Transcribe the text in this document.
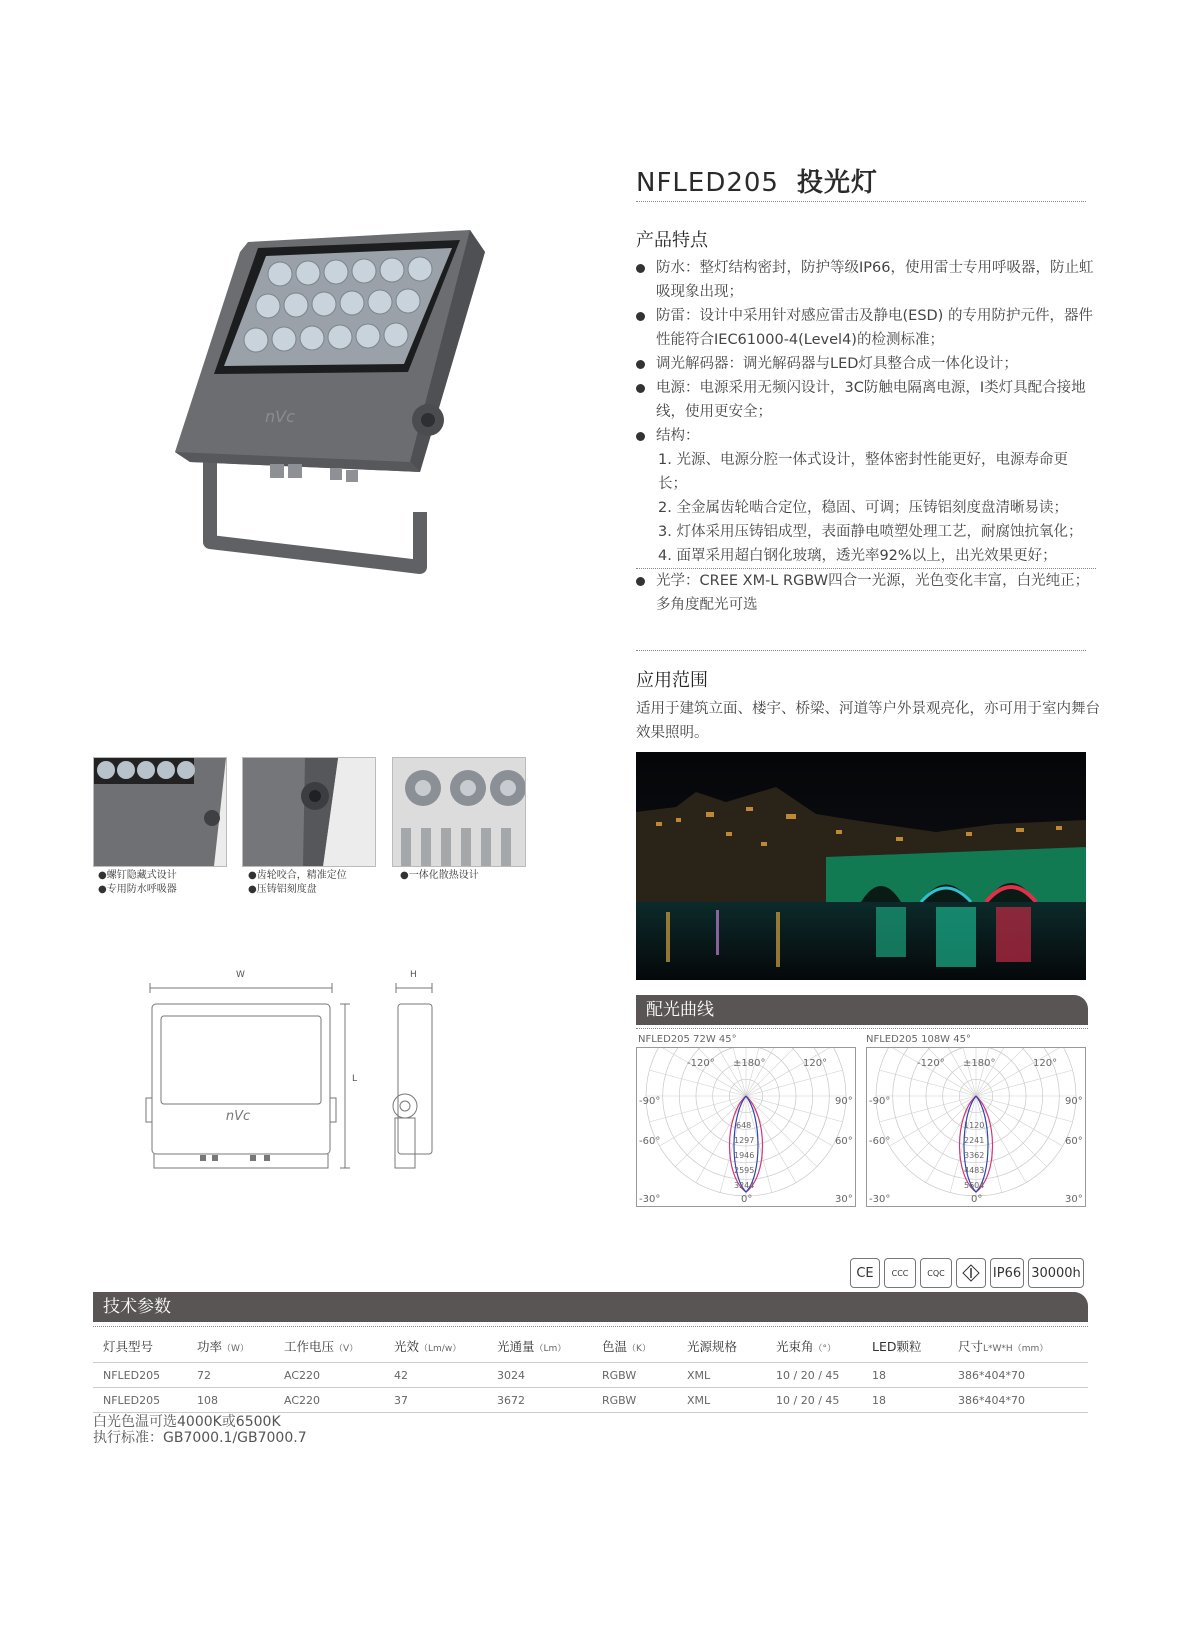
NFLED205 投光灯
nVc
产品特点
防水：整灯结构密封，防护等级IP66，使用雷士专用呼吸器，防止虹吸现象出现；
防雷：设计中采用针对感应雷击及静电(ESD) 的专用防护元件，器件性能符合IEC61000-4(Level4)的检测标准；
调光解码器：调光解码器与LED灯具整合成一体化设计；
电源：电源采用无频闪设计，3C防触电隔离电源，I类灯具配合接地线，使用更安全；
结构：
1. 光源、电源分腔一体式设计，整体密封性能更好，电源寿命更长；
2. 全金属齿轮啮合定位，稳固、可调；压铸铝刻度盘清晰易读；
3. 灯体采用压铸铝成型，表面静电喷塑处理工艺，耐腐蚀抗氧化；
4. 面罩采用超白钢化玻璃，透光率92%以上，出光效果更好；
光学：CREE XM-L RGBW四合一光源，光色变化丰富，白光纯正；多角度配光可选
应用范围
适用于建筑立面、楼宇、桥梁、河道等户外景观亮化，亦可用于室内舞台效果照明。
●螺钉隐藏式设计
●专用防水呼吸器
●齿轮咬合，精准定位
●压铸铝刻度盘
●一体化散热设计
nVc
W	H
L
配光曲线
NFLED205 72W 45°	NFLED205 108W 45°
-120° ±180°	120°
-90°	90°
-60°	60°
-30°	0°	30°
648
1297
1946
2595
3244
-120° ±180°	120°
-90°	90°
-60°	60°
-30°	0°	30°
1120
2241
3362
4483
5604
CE	CCC	CQC	IP66 30000h
技术参数
灯具型号	功率（W）	工作电压（V）	光效（Lm/w）	光通量（Lm）	色温（K）	光源规格	光束角（°）	LED颗粒	尺寸L*W*H（mm）
NFLED205	72	AC220	42	3024	RGBW	XML	10 / 20 / 45	18	386*404*70
NFLED205	108	AC220	37	3672	RGBW	XML	10 / 20 / 45	18	386*404*70
白光色温可选4000K或6500K
执行标准：GB7000.1/GB7000.7
